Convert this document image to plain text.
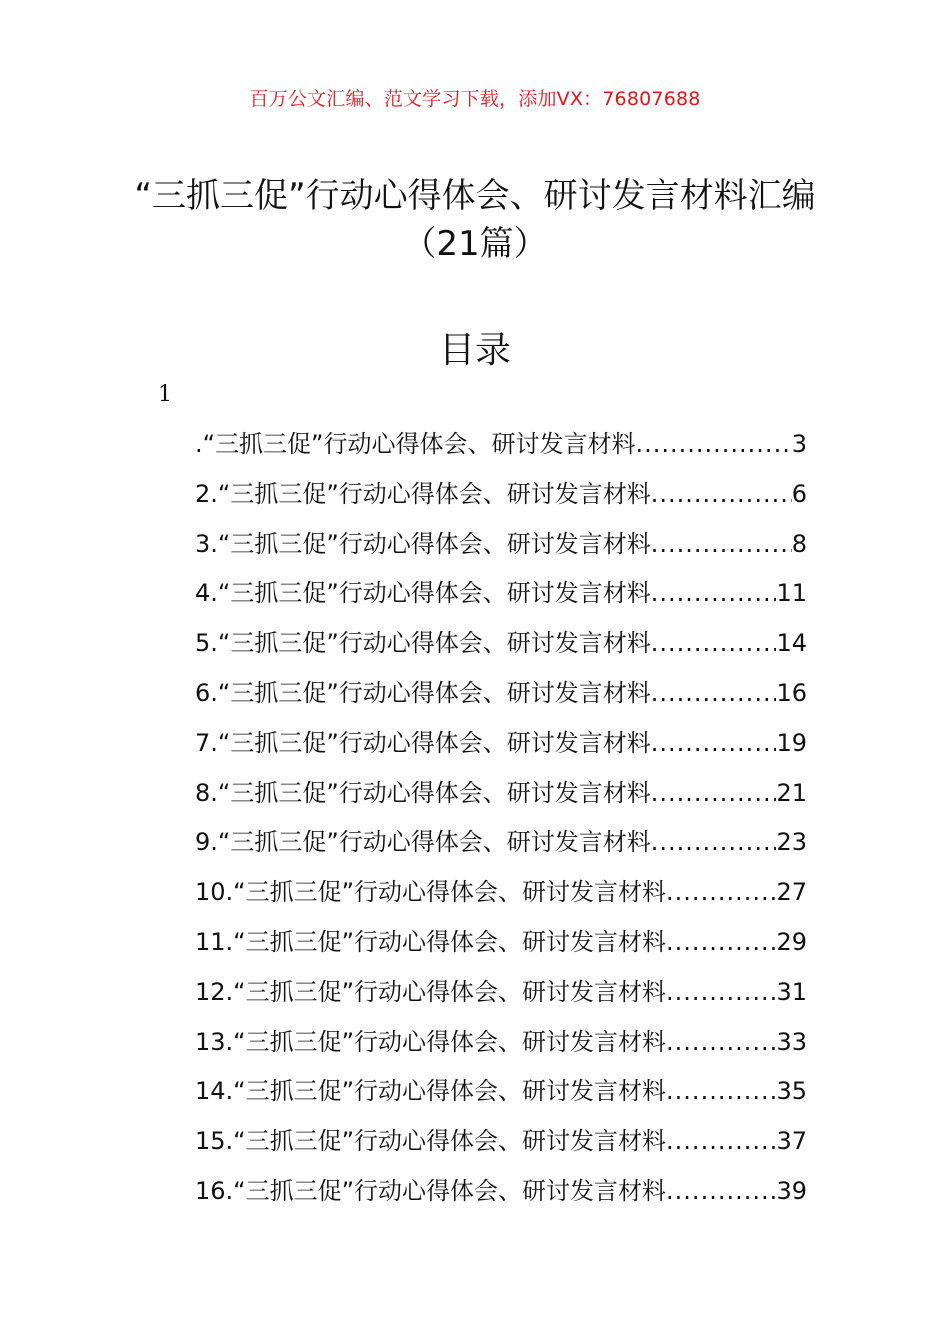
百万公文汇编、范文学习下载，添加VX：76807688
“三抓三促”行动心得体会、研讨发言材料汇编（21篇）
目录
1
.“三抓三促”行动心得体会、研讨发言材料 .....	3
2.“三抓三促”行动心得体会、研讨发言材料 .....	6
3.“三抓三促”行动心得体会、研讨发言材料 .....	8
4.“三抓三促”行动心得体会、研讨发言材料 .....	11
5.“三抓三促”行动心得体会、研讨发言材料 .....	14
6.“三抓三促”行动心得体会、研讨发言材料 .....	16
7.“三抓三促”行动心得体会、研讨发言材料 .....	19
8.“三抓三促”行动心得体会、研讨发言材料 .....	21
9.“三抓三促”行动心得体会、研讨发言材料 .....	23
10.“三抓三促”行动心得体会、研讨发言材料 .....	27
11.“三抓三促”行动心得体会、研讨发言材料 .....	29
12.“三抓三促”行动心得体会、研讨发言材料 .....	31
13.“三抓三促”行动心得体会、研讨发言材料 .....	33
14.“三抓三促”行动心得体会、研讨发言材料 .....	35
15.“三抓三促”行动心得体会、研讨发言材料 .....	37
16.“三抓三促”行动心得体会、研讨发言材料 .....	39
